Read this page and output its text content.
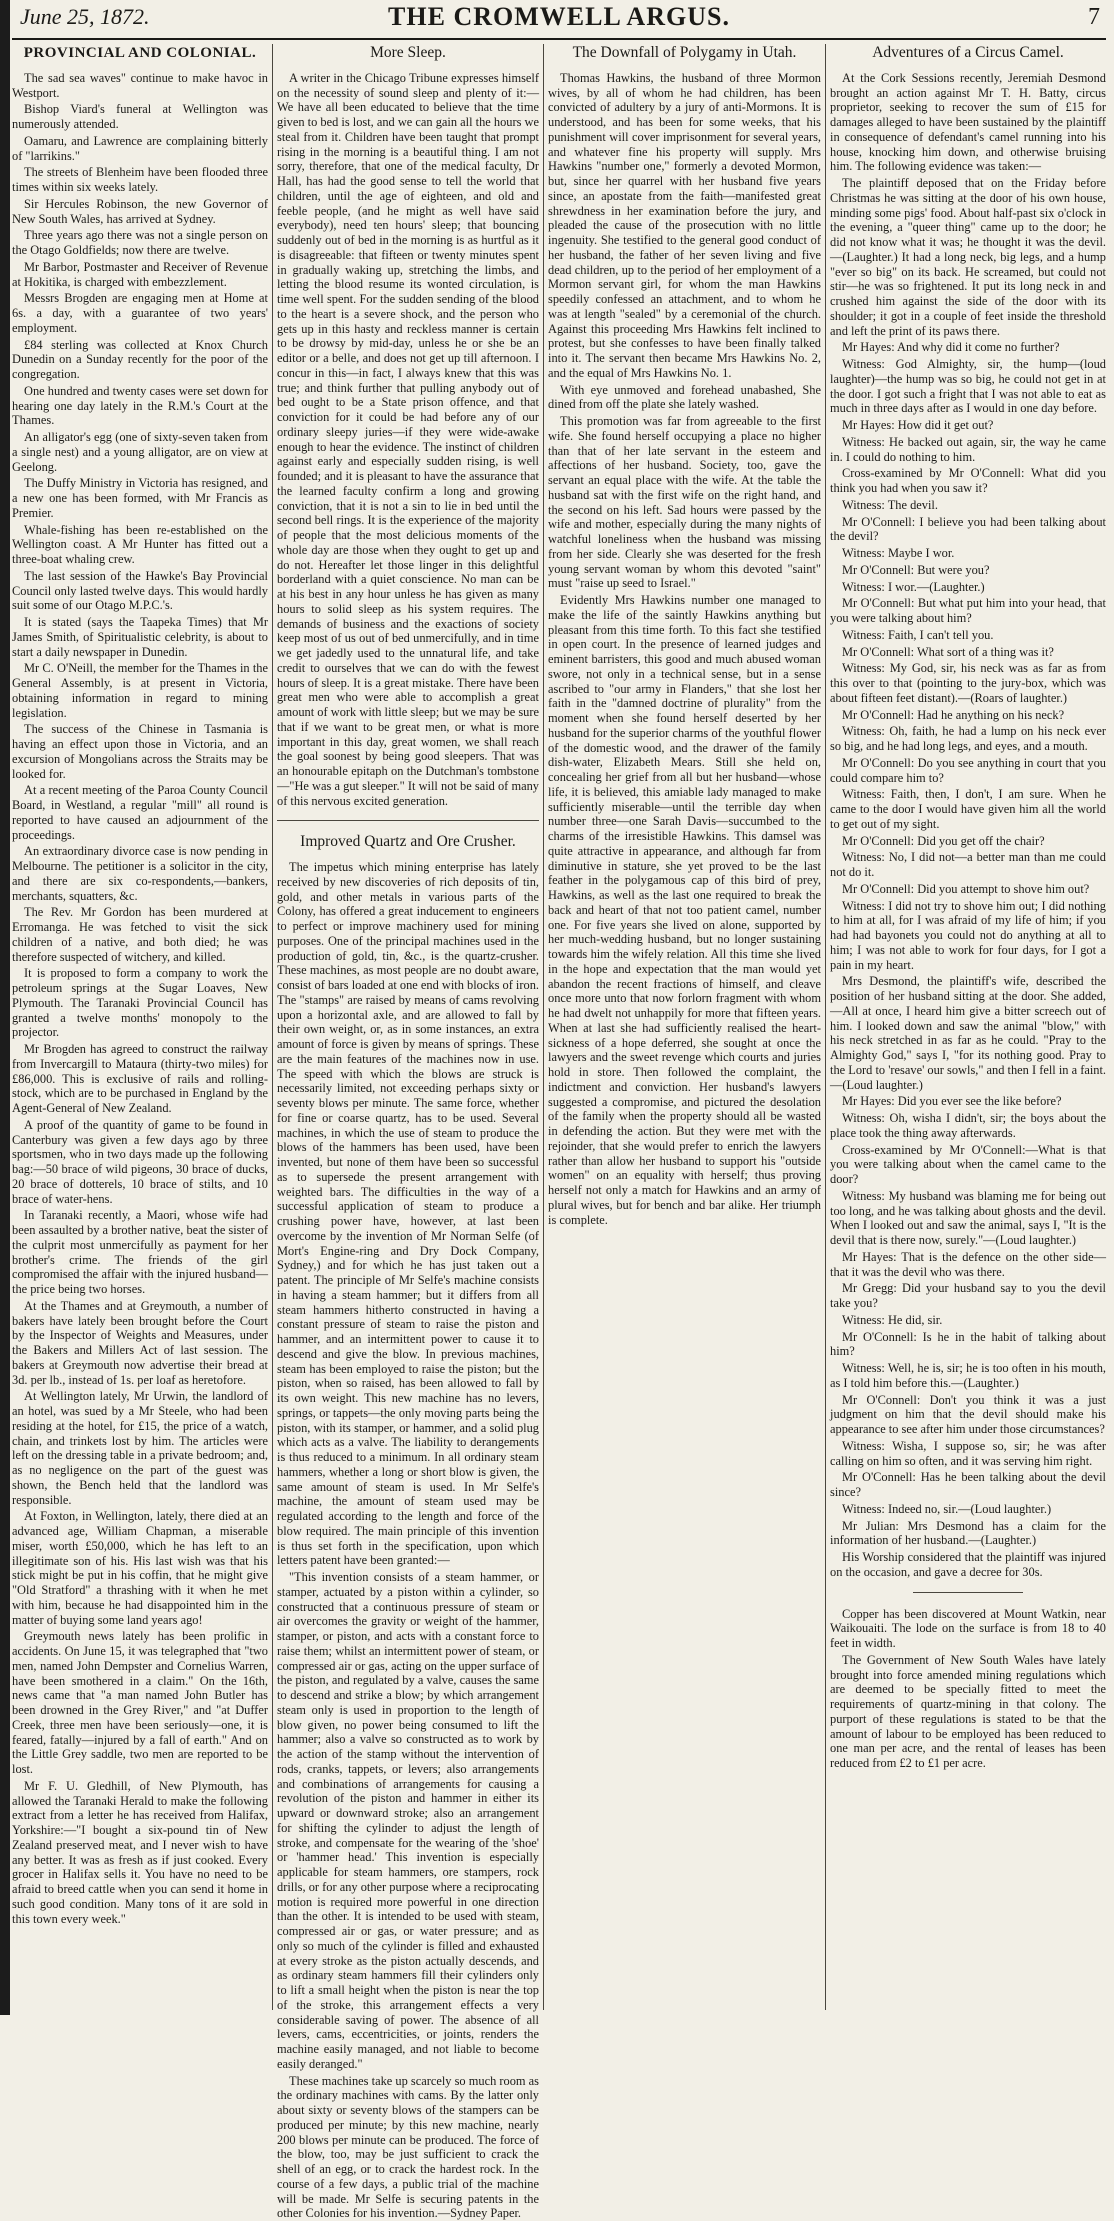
June 25, 1872.	THE CROMWELL ARGUS.	7
PROVINCIAL AND COLONIAL.

The sad sea waves" continue to make havoc in Westport.

Bishop Viard's funeral at Wellington was numerously attended.

Oamaru, and Lawrence are complaining bitterly of "larrikins."

The streets of Blenheim have been flooded three times within six weeks lately.

Sir Hercules Robinson, the new Governor of New South Wales, has arrived at Sydney.

Three years ago there was not a single person on the Otago Goldfields; now there are twelve.

Mr Barbor, Postmaster and Receiver of Revenue at Hokitika, is charged with embezzlement.

Messrs Brogden are engaging men at Home at 6s. a day, with a guarantee of two years' employment.

£84 sterling was collected at Knox Church Dunedin on a Sunday recently for the poor of the congregation.

One hundred and twenty cases were set down for hearing one day lately in the R.M.'s Court at the Thames.

An alligator's egg (one of sixty-seven taken from a single nest) and a young alligator, are on view at Geelong.

The Duffy Ministry in Victoria has resigned, and a new one has been formed, with Mr Francis as Premier.

Whale-fishing has been re-established on the Wellington coast. A Mr Hunter has fitted out a three-boat whaling crew.

The last session of the Hawke's Bay Provincial Council only lasted twelve days. This would hardly suit some of our Otago M.P.C.'s.

It is stated (says the Taapeka Times) that Mr James Smith, of Spiritualistic celebrity, is about to start a daily newspaper in Dunedin.

Mr C. O'Neill, the member for the Thames in the General Assembly, is at present in Victoria, obtaining information in regard to mining legislation.

The success of the Chinese in Tasmania is having an effect upon those in Victoria, and an excursion of Mongolians across the Straits may be looked for.

At a recent meeting of the Paroa County Council Board, in Westland, a regular "mill" all round is reported to have caused an adjournment of the proceedings.

An extraordinary divorce case is now pending in Melbourne. The petitioner is a solicitor in the city, and there are six co-respondents,—bankers, merchants, squatters, &c.

The Rev. Mr Gordon has been murdered at Erromanga. He was fetched to visit the sick children of a native, and both died; he was therefore suspected of witchery, and killed.

It is proposed to form a company to work the petroleum springs at the Sugar Loaves, New Plymouth. The Taranaki Provincial Council has granted a twelve months' monopoly to the projector.

Mr Brogden has agreed to construct the railway from Invercargill to Mataura (thirty-two miles) for £86,000. This is exclusive of rails and rolling-stock, which are to be purchased in England by the Agent-General of New Zealand.

A proof of the quantity of game to be found in Canterbury was given a few days ago by three sportsmen, who in two days made up the following bag:—50 brace of wild pigeons, 30 brace of ducks, 20 brace of dotterels, 10 brace of stilts, and 10 brace of water-hens.

In Taranaki recently, a Maori, whose wife had been assaulted by a brother native, beat the sister of the culprit most unmercifully as payment for her brother's crime. The friends of the girl compromised the affair with the injured husband—the price being two horses.

At the Thames and at Greymouth, a number of bakers have lately been brought before the Court by the Inspector of Weights and Measures, under the Bakers and Millers Act of last session. The bakers at Greymouth now advertise their bread at 3d. per lb., instead of 1s. per loaf as heretofore.

At Wellington lately, Mr Urwin, the landlord of an hotel, was sued by a Mr Steele, who had been residing at the hotel, for £15, the price of a watch, chain, and trinkets lost by him. The articles were left on the dressing table in a private bedroom; and, as no negligence on the part of the guest was shown, the Bench held that the landlord was responsible.

At Foxton, in Wellington, lately, there died at an advanced age, William Chapman, a miserable miser, worth £50,000, which he has left to an illegitimate son of his. His last wish was that his stick might be put in his coffin, that he might give "Old Stratford" a thrashing with it when he met with him, because he had disappointed him in the matter of buying some land years ago!

Greymouth news lately has been prolific in accidents. On June 15, it was telegraphed that "two men, named John Dempster and Cornelius Warren, have been smothered in a claim." On the 16th, news came that "a man named John Butler has been drowned in the Grey River," and "at Duffer Creek, three men have been seriously—one, it is feared, fatally—injured by a fall of earth." And on the Little Grey saddle, two men are reported to be lost.

Mr F. U. Gledhill, of New Plymouth, has allowed the Taranaki Herald to make the following extract from a letter he has received from Halifax, Yorkshire:—"I bought a six-pound tin of New Zealand preserved meat, and I never wish to have any better. It was as fresh as if just cooked. Every grocer in Halifax sells it. You have no need to be afraid to breed cattle when you can send it home in such good condition. Many tons of it are sold in this town every week."

More Sleep.

A writer in the Chicago Tribune expresses himself on the necessity of sound sleep and plenty of it:—We have all been educated to believe that the time given to bed is lost, and we can gain all the hours we steal from it. Children have been taught that prompt rising in the morning is a beautiful thing. I am not sorry, therefore, that one of the medical faculty, Dr Hall, has had the good sense to tell the world that children, until the age of eighteen, and old and feeble people, (and he might as well have said everybody), need ten hours' sleep; that bouncing suddenly out of bed in the morning is as hurtful as it is disagreeable: that fifteen or twenty minutes spent in gradually waking up, stretching the limbs, and letting the blood resume its wonted circulation, is time well spent. For the sudden sending of the blood to the heart is a severe shock, and the person who gets up in this hasty and reckless manner is certain to be drowsy by mid-day, unless he or she be an editor or a belle, and does not get up till afternoon. I concur in this—in fact, I always knew that this was true; and think further that pulling anybody out of bed ought to be a State prison offence, and that conviction for it could be had before any of our ordinary sleepy juries—if they were wide-awake enough to hear the evidence. The instinct of children against early and especially sudden rising, is well founded; and it is pleasant to have the assurance that the learned faculty confirm a long and growing conviction, that it is not a sin to lie in bed until the second bell rings. It is the experience of the majority of people that the most delicious moments of the whole day are those when they ought to get up and do not. Hereafter let those linger in this delightful borderland with a quiet conscience. No man can be at his best in any hour unless he has given as many hours to solid sleep as his system requires. The demands of business and the exactions of society keep most of us out of bed unmercifully, and in time we get jadedly used to the unnatural life, and take credit to ourselves that we can do with the fewest hours of sleep. It is a great mistake. There have been great men who were able to accomplish a great amount of work with little sleep; but we may be sure that if we want to be great men, or what is more important in this day, great women, we shall reach the goal soonest by being good sleepers. That was an honourable epitaph on the Dutchman's tombstone—"He was a gut sleeper." It will not be said of many of this nervous excited generation.

Improved Quartz and Ore Crusher.

The impetus which mining enterprise has lately received by new discoveries of rich deposits of tin, gold, and other metals in various parts of the Colony, has offered a great inducement to engineers to perfect or improve machinery used for mining purposes. One of the principal machines used in the production of gold, tin, &c., is the quartz-crusher. These machines, as most people are no doubt aware, consist of bars loaded at one end with blocks of iron. The "stamps" are raised by means of cams revolving upon a horizontal axle, and are allowed to fall by their own weight, or, as in some instances, an extra amount of force is given by means of springs. These are the main features of the machines now in use. The speed with which the blows are struck is necessarily limited, not exceeding perhaps sixty or seventy blows per minute. The same force, whether for fine or coarse quartz, has to be used. Several machines, in which the use of steam to produce the blows of the hammers has been used, have been invented, but none of them have been so successful as to supersede the present arrangement with weighted bars. The difficulties in the way of a successful application of steam to produce a crushing power have, however, at last been overcome by the invention of Mr Norman Selfe (of Mort's Engine-ring and Dry Dock Company, Sydney,) and for which he has just taken out a patent. The principle of Mr Selfe's machine consists in having a steam hammer; but it differs from all steam hammers hitherto constructed in having a constant pressure of steam to raise the piston and hammer, and an intermittent power to cause it to descend and give the blow. In previous machines, steam has been employed to raise the piston; but the piston, when so raised, has been allowed to fall by its own weight. This new machine has no levers, springs, or tappets—the only moving parts being the piston, with its stamper, or hammer, and a solid plug which acts as a valve. The liability to derangements is thus reduced to a minimum. In all ordinary steam hammers, whether a long or short blow is given, the same amount of steam is used. In Mr Selfe's machine, the amount of steam used may be regulated according to the length and force of the blow required. The main principle of this invention is thus set forth in the specification, upon which letters patent have been granted:—

"This invention consists of a steam hammer, or stamper, actuated by a piston within a cylinder, so constructed that a continuous pressure of steam or air overcomes the gravity or weight of the hammer, stamper, or piston, and acts with a constant force to raise them; whilst an intermittent power of steam, or compressed air or gas, acting on the upper surface of the piston, and regulated by a valve, causes the same to descend and strike a blow; by which arrangement steam only is used in proportion to the length of blow given, no power being consumed to lift the hammer; also a valve so constructed as to work by the action of the stamp without the intervention of rods, cranks, tappets, or levers; also arrangements and combinations of arrangements for causing a revolution of the piston and hammer in either its upward or downward stroke; also an arrangement for shifting the cylinder to adjust the length of stroke, and compensate for the wearing of the 'shoe' or 'hammer head.' This invention is especially applicable for steam hammers, ore stampers, rock drills, or for any other purpose where a reciprocating motion is required more powerful in one direction than the other. It is intended to be used with steam, compressed air or gas, or water pressure; and as only so much of the cylinder is filled and exhausted at every stroke as the piston actually descends, and as ordinary steam hammers fill their cylinders only to lift a small height when the piston is near the top of the stroke, this arrangement effects a very considerable saving of power. The absence of all levers, cams, eccentricities, or joints, renders the machine easily managed, and not liable to become easily deranged."

These machines take up scarcely so much room as the ordinary machines with cams. By the latter only about sixty or seventy blows of the stampers can be produced per minute; by this new machine, nearly 200 blows per minute can be produced. The force of the blow, too, may be just sufficient to crack the shell of an egg, or to crack the hardest rock. In the course of a few days, a public trial of the machine will be made. Mr Selfe is securing patents in the other Colonies for his invention.—Sydney Paper.

The Downfall of Polygamy in Utah.

Thomas Hawkins, the husband of three Mormon wives, by all of whom he had children, has been convicted of adultery by a jury of anti-Mormons. It is understood, and has been for some weeks, that his punishment will cover imprisonment for several years, and whatever fine his property will supply. Mrs Hawkins "number one," formerly a devoted Mormon, but, since her quarrel with her husband five years since, an apostate from the faith—manifested great shrewdness in her examination before the jury, and pleaded the cause of the prosecution with no little ingenuity. She testified to the general good conduct of her husband, the father of her seven living and five dead children, up to the period of her employment of a Mormon servant girl, for whom the man Hawkins speedily confessed an attachment, and to whom he was at length "sealed" by a ceremonial of the church. Against this proceeding Mrs Hawkins felt inclined to protest, but she confesses to have been finally talked into it. The servant then became Mrs Hawkins No. 2, and the equal of Mrs Hawkins No. 1.

With eye unmoved and forehead unabashed, She dined from off the plate she lately washed.

This promotion was far from agreeable to the first wife. She found herself occupying a place no higher than that of her late servant in the esteem and affections of her husband. Society, too, gave the servant an equal place with the wife. At the table the husband sat with the first wife on the right hand, and the second on his left. Sad hours were passed by the wife and mother, especially during the many nights of watchful loneliness when the husband was missing from her side. Clearly she was deserted for the fresh young servant woman by whom this devoted "saint" must "raise up seed to Israel."

Evidently Mrs Hawkins number one managed to make the life of the saintly Hawkins anything but pleasant from this time forth. To this fact she testified in open court. In the presence of learned judges and eminent barristers, this good and much abused woman swore, not only in a technical sense, but in a sense ascribed to "our army in Flanders," that she lost her faith in the "damned doctrine of plurality" from the moment when she found herself deserted by her husband for the superior charms of the youthful flower of the domestic wood, and the drawer of the family dish-water, Elizabeth Mears. Still she held on, concealing her grief from all but her husband—whose life, it is believed, this amiable lady managed to make sufficiently miserable—until the terrible day when number three—one Sarah Davis—succumbed to the charms of the irresistible Hawkins. This damsel was quite attractive in appearance, and although far from diminutive in stature, she yet proved to be the last feather in the polygamous cap of this bird of prey, Hawkins, as well as the last one required to break the back and heart of that not too patient camel, number one. For five years she lived on alone, supported by her much-wedding husband, but no longer sustaining towards him the wifely relation. All this time she lived in the hope and expectation that the man would yet abandon the recent fractions of himself, and cleave once more unto that now forlorn fragment with whom he had dwelt not unhappily for more that fifteen years. When at last she had sufficiently realised the heart-sickness of a hope deferred, she sought at once the lawyers and the sweet revenge which courts and juries hold in store. Then followed the complaint, the indictment and conviction. Her husband's lawyers suggested a compromise, and pictured the desolation of the family when the property should all be wasted in defending the action. But they were met with the rejoinder, that she would prefer to enrich the lawyers rather than allow her husband to support his "outside women" on an equality with herself; thus proving herself not only a match for Hawkins and an army of plural wives, but for bench and bar alike. Her triumph is complete.

Adventures of a Circus Camel.

At the Cork Sessions recently, Jeremiah Desmond brought an action against Mr T. H. Batty, circus proprietor, seeking to recover the sum of £15 for damages alleged to have been sustained by the plaintiff in consequence of defendant's camel running into his house, knocking him down, and otherwise bruising him. The following evidence was taken:—

The plaintiff deposed that on the Friday before Christmas he was sitting at the door of his own house, minding some pigs' food. About half-past six o'clock in the evening, a "queer thing" came up to the door; he did not know what it was; he thought it was the devil.—(Laughter.) It had a long neck, big legs, and a hump "ever so big" on its back. He screamed, but could not stir—he was so frightened. It put its long neck in and crushed him against the side of the door with its shoulder; it got in a couple of feet inside the threshold and left the print of its paws there.

Mr Hayes: And why did it come no further?

Witness: God Almighty, sir, the hump—(loud laughter)—the hump was so big, he could not get in at the door. I got such a fright that I was not able to eat as much in three days after as I would in one day before.

Mr Hayes: How did it get out?

Witness: He backed out again, sir, the way he came in. I could do nothing to him.

Cross-examined by Mr O'Connell: What did you think you had when you saw it?

Witness: The devil.

Mr O'Connell: I believe you had been talking about the devil?

Witness: Maybe I wor.

Mr O'Connell: But were you?

Witness: I wor.—(Laughter.)

Mr O'Connell: But what put him into your head, that you were talking about him?

Witness: Faith, I can't tell you.

Mr O'Connell: What sort of a thing was it?

Witness: My God, sir, his neck was as far as from this over to that (pointing to the jury-box, which was about fifteen feet distant).—(Roars of laughter.)

Mr O'Connell: Had he anything on his neck?

Witness: Oh, faith, he had a lump on his neck ever so big, and he had long legs, and eyes, and a mouth.

Mr O'Connell: Do you see anything in court that you could compare him to?

Witness: Faith, then, I don't, I am sure. When he came to the door I would have given him all the world to get out of my sight.

Mr O'Connell: Did you get off the chair?

Witness: No, I did not—a better man than me could not do it.

Mr O'Connell: Did you attempt to shove him out?

Witness: I did not try to shove him out; I did nothing to him at all, for I was afraid of my life of him; if you had had bayonets you could not do anything at all to him; I was not able to work for four days, for I got a pain in my heart.

Mrs Desmond, the plaintiff's wife, described the position of her husband sitting at the door. She added,—All at once, I heard him give a bitter screech out of him. I looked down and saw the animal "blow," with his neck stretched in as far as he could. "Pray to the Almighty God," says I, "for its nothing good. Pray to the Lord to 'resave' our sowls," and then I fell in a faint.—(Loud laughter.)

Mr Hayes: Did you ever see the like before?

Witness: Oh, wisha I didn't, sir; the boys about the place took the thing away afterwards.

Cross-examined by Mr O'Connell:—What is that you were talking about when the camel came to the door?

Witness: My husband was blaming me for being out too long, and he was talking about ghosts and the devil. When I looked out and saw the animal, says I, "It is the devil that is there now, surely."—(Loud laughter.)

Mr Hayes: That is the defence on the other side—that it was the devil who was there.

Mr Gregg: Did your husband say to you the devil take you?

Witness: He did, sir.

Mr O'Connell: Is he in the habit of talking about him?

Witness: Well, he is, sir; he is too often in his mouth, as I told him before this.—(Laughter.)

Mr O'Connell: Don't you think it was a just judgment on him that the devil should make his appearance to see after him under those circumstances?

Witness: Wisha, I suppose so, sir; he was after calling on him so often, and it was serving him right.

Mr O'Connell: Has he been talking about the devil since?

Witness: Indeed no, sir.—(Loud laughter.)

Mr Julian: Mrs Desmond has a claim for the information of her husband.—(Laughter.)

His Worship considered that the plaintiff was injured on the occasion, and gave a decree for 30s.

Copper has been discovered at Mount Watkin, near Waikouaiti. The lode on the surface is from 18 to 40 feet in width.

The Government of New South Wales have lately brought into force amended mining regulations which are deemed to be specially fitted to meet the requirements of quartz-mining in that colony. The purport of these regulations is stated to be that the amount of labour to be employed has been reduced to one man per acre, and the rental of leases has been reduced from £2 to £1 per acre.
